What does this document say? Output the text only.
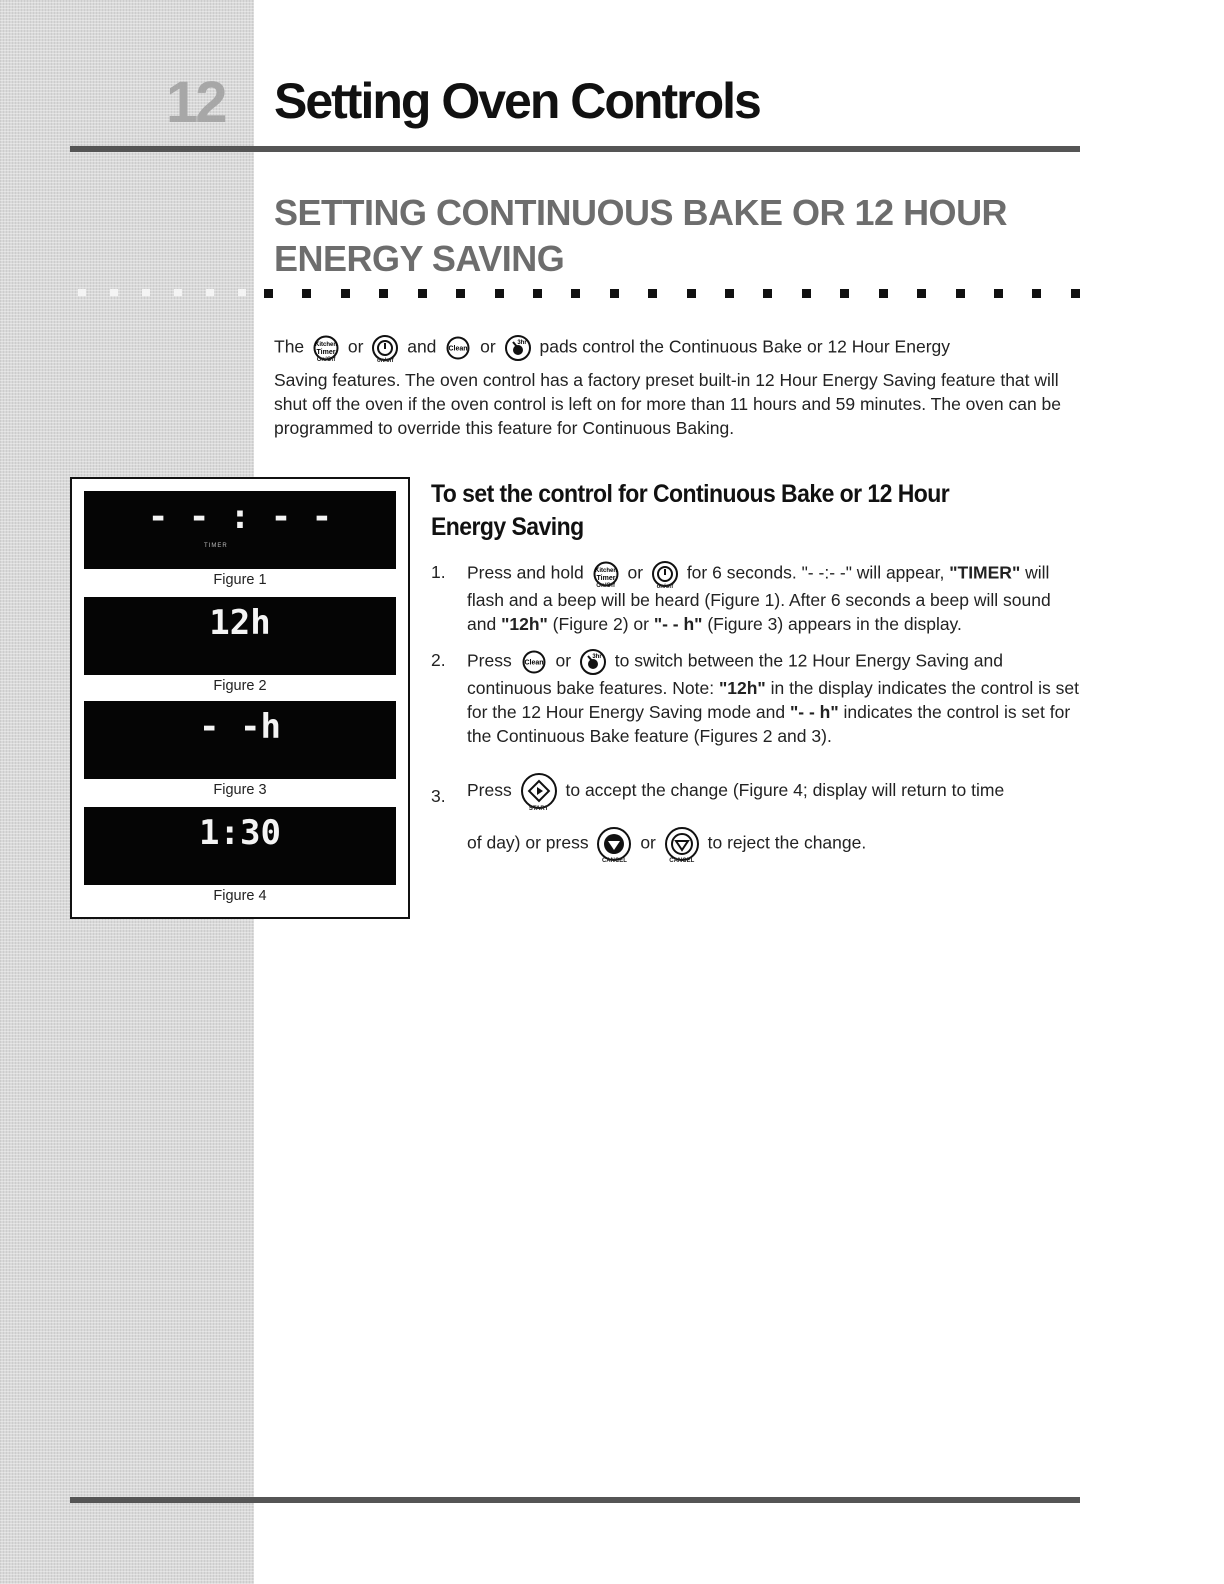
12 Setting Oven Controls
SETTING CONTINUOUS BAKE OR 12 HOUR ENERGY SAVING

The Kitchen
Timer
On/Off
or
on/off
and Clean or	3hr pads control the Continuous Bake or 12 Hour Energy

Saving features. The oven control has a factory preset built-in 12 Hour Energy Saving feature that will shut off the oven if the oven control is left on for more than 11 hours and 59 minutes. The oven can be programmed to override this feature for Continuous Baking.

- - : - -
TIMER
Figure 1
12h
Figure 2
- -h
Figure 3
1:30
Figure 4
To set the control for Continuous Bake or 12 Hour Energy Saving
1. Press and hold Kitchen
Timer
On/Off
or
on/off
for 6 seconds. "- -:- -" will appear, "TIMER" will flash and a beep will be heard (Figure 1). After 6 seconds a beep will sound and "12h" (Figure 2) or "- - h" (Figure 3) appears in the display.

2. Press Clean or	3hr to switch between the 12 Hour Energy Saving and continuous bake features. Note: "12h" in the display indicates the control is set for the 12 Hour Energy Saving mode and "- - h" indicates the control is set for the Continuous Bake feature (Figures 2 and 3).

3. Press
START
to accept the change (Figure 4; display will return to time

of day) or press
CANCEL
or
CANCEL
to reject the change.
